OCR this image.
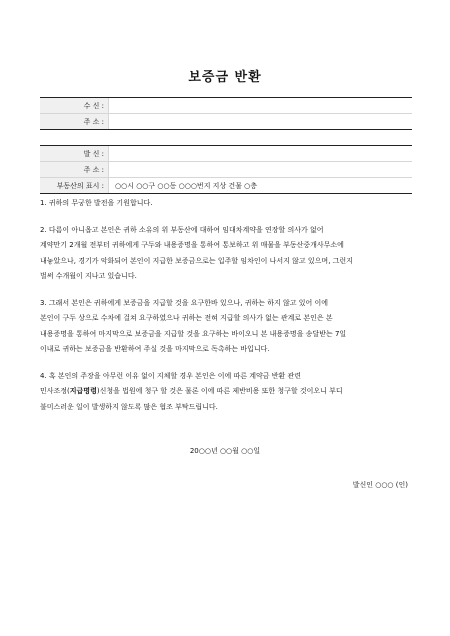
보증금 반환
수 신 :	
주 소 :	

발 신 :	
주 소 :	
부동산의 표시 :	○○시 ○○구 ○○동 ○○○번지 지상 건물 ○층

1. 귀하의 무궁한 발전을 기원합니다.

2. 다름이 아니옵고 본인은 귀하 소유의 위 부동산에 대하여 임대차계약을 연장할 의사가 없어
계약만기 2개월 전부터 귀하에게 구두와 내용증명을 통하여 통보하고 위 매물을 부동산중개사무소에
내놓았으나, 경기가 악화되어 본인이 지급한 보증금으로는 입주할 임차인이 나서지 않고 있으며, 그런지
벌써 수개월이 지나고 있습니다.

3. 그래서 본인은 귀하에게 보증금을 지급할 것을 요구한바 있으나, 귀하는 하지 않고 있어 이에
본인이 구두 상으로 수차에 걸쳐 요구하였으나 귀하는 전혀 지급할 의사가 없는 관계로 본인은 본
내용증명을 통하여 마지막으로 보증금을 지급할 것을 요구하는 바이오니 본 내용증명을 송달받는 7일
이내로 귀하는 보증금을 반환하여 주실 것을 마지막으로 독촉하는 바입니다.

4. 혹 본인의 주장을 아무런 이유 없이 지체할 경우 본인은 이에 따른 계약금 반환 관련
민사조정(지급명령)신청을 법원에 청구 할 것은 물론 이에 따른 제반비용 또한 청구할 것이오니 부디
불미스러운 일이 발생하지 않도록 많은 협조 부탁드립니다.

20○○년 ○○월 ○○일
발신인 ○○○ (인)
